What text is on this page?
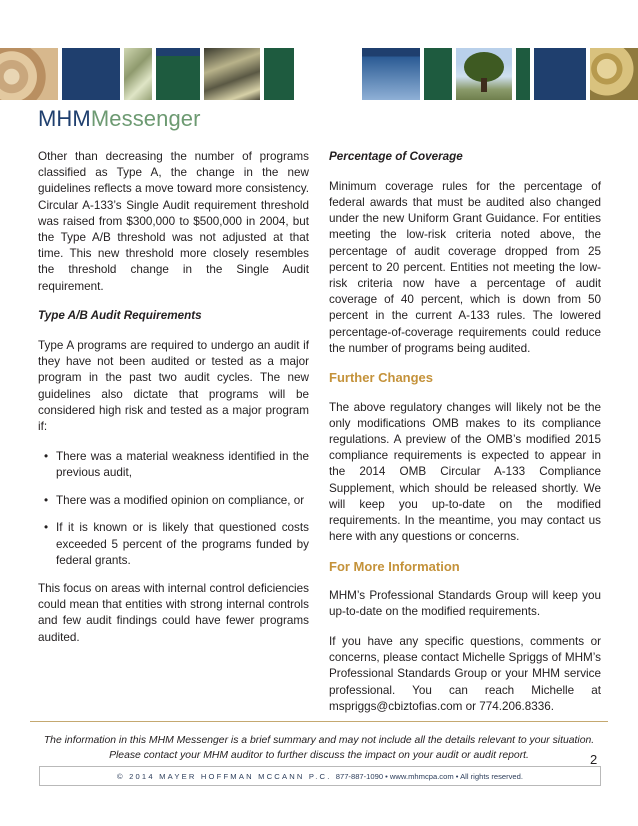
MHMMessenger

Other than decreasing the number of programs classified as Type A, the change in the new guidelines reflects a move toward more consistency. Circular A-133’s Single Audit requirement threshold was raised from $300,000 to $500,000 in 2004, but the Type A/B threshold was not adjusted at that time. This new threshold more closely resembles the threshold change in the Single Audit requirement.

Type A/B Audit Requirements

Type A programs are required to undergo an audit if they have not been audited or tested as a major program in the past two audit cycles. The new guidelines also dictate that programs will be considered high risk and tested as a major program if:

• There was a material weakness identified in the previous audit,
• There was a modified opinion on compliance, or
• If it is known or is likely that questioned costs exceeded 5 percent of the programs funded by federal grants.

This focus on areas with internal control deficiencies could mean that entities with strong internal controls and few audit findings could have fewer programs audited.

Percentage of Coverage

Minimum coverage rules for the percentage of federal awards that must be audited also changed under the new Uniform Grant Guidance. For entities meeting the low-risk criteria noted above, the percentage of audit coverage dropped from 25 percent to 20 percent. Entities not meeting the low-risk criteria now have a percentage of audit coverage of 40 percent, which is down from 50 percent in the current A-133 rules. The lowered percentage-of-coverage requirements could reduce the number of programs being audited.

Further Changes

The above regulatory changes will likely not be the only modifications OMB makes to its compliance regulations. A preview of the OMB’s modified 2015 compliance requirements is expected to appear in the 2014 OMB Circular A-133 Compliance Supplement, which should be released shortly. We will keep you up-to-date on the modified requirements. In the meantime, you may contact us here with any questions or concerns.

For More Information

MHM’s Professional Standards Group will keep you up-to-date on the modified requirements.

If you have any specific questions, comments or concerns, please contact Michelle Spriggs of MHM’s Professional Standards Group or your MHM service professional. You can reach Michelle at mspriggs@cbiztofias.com or 774.206.8336.

The information in this MHM Messenger is a brief summary and may not include all the details relevant to your situation.
Please contact your MHM auditor to further discuss the impact on your audit or audit report.	2
© 2014 MAYER HOFFMAN MCCANN P.C. 877-887-1090 • www.mhmcpa.com • All rights reserved.
